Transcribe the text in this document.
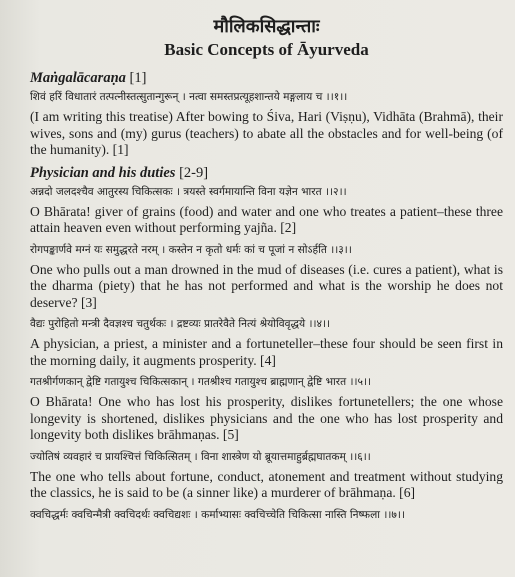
मौलिकसिद्धान्ताः
Basic Concepts of Āyurveda
Maṅgalācaraṇa [1]
शिवं हरिं विधातारं तत्पत्नीस्तत्सुतान्गुरून् । नत्वा समस्तप्रत्यूहशान्तये मङ्गलाय च ।।१।।
(I am writing this treatise) After bowing to Śiva, Hari (Viṣṇu), Vidhāta (Brahmā), their wives, sons and (my) gurus (teachers) to abate all the obstacles and for well-being (of the humanity). [1]
Physician and his duties [2-9]
अन्नदो जलदश्चैव आतुरस्य चिकित्सकः । त्रयस्ते स्वर्गमायान्ति विना यज्ञेन भारत ।।२।।
O Bhārata! giver of grains (food) and water and one who treates a patient–these three attain heaven even without performing yajña. [2]
रोगपङ्कार्णवे मग्नं यः समुद्धरते नरम् । कस्तेन न कृतो धर्मः कां च पूजां न सोऽर्हति ।।३।।
One who pulls out a man drowned in the mud of diseases (i.e. cures a patient), what is the dharma (piety) that he has not performed and what is the worship he does not deserve? [3]
वैद्यः पुरोहितो मन्त्री दैवज्ञश्च चतुर्थकः । द्रष्टव्यः प्रातरेवैते नित्यं श्रेयोविवृद्धये ।।४।।
A physician, a priest, a minister and a fortuneteller–these four should be seen first in the morning daily, it augments prosperity. [4]
गतश्रीर्गणकान् द्वेष्टि गतायुश्च चिकित्सकान् । गतश्रीश्च गतायुश्च ब्राह्मणान् द्वेष्टि भारत ।।५।।
O Bhārata! One who has lost his prosperity, dislikes fortunetellers; the one whose longevity is shortened, dislikes physicians and the one who has lost prosperity and longevity both dislikes brāhmaṇas. [5]
ज्योतिषं व्यवहारं च प्रायश्चित्तं चिकित्सितम् । विना शास्त्रेण यो ब्रूयात्तमाहुर्ब्रह्मघातकम् ।।६।।
The one who tells about fortune, conduct, atonement and treatment without studying the classics, he is said to be (a sinner like) a murderer of brāhmaṇa. [6]
क्वचिद्धर्मः क्वचिन्मैत्री क्वचिदर्थः क्वचिद्यशः । कर्माभ्यासः क्वचिच्चेति चिकित्सा नास्ति निष्फला ।।७।।
